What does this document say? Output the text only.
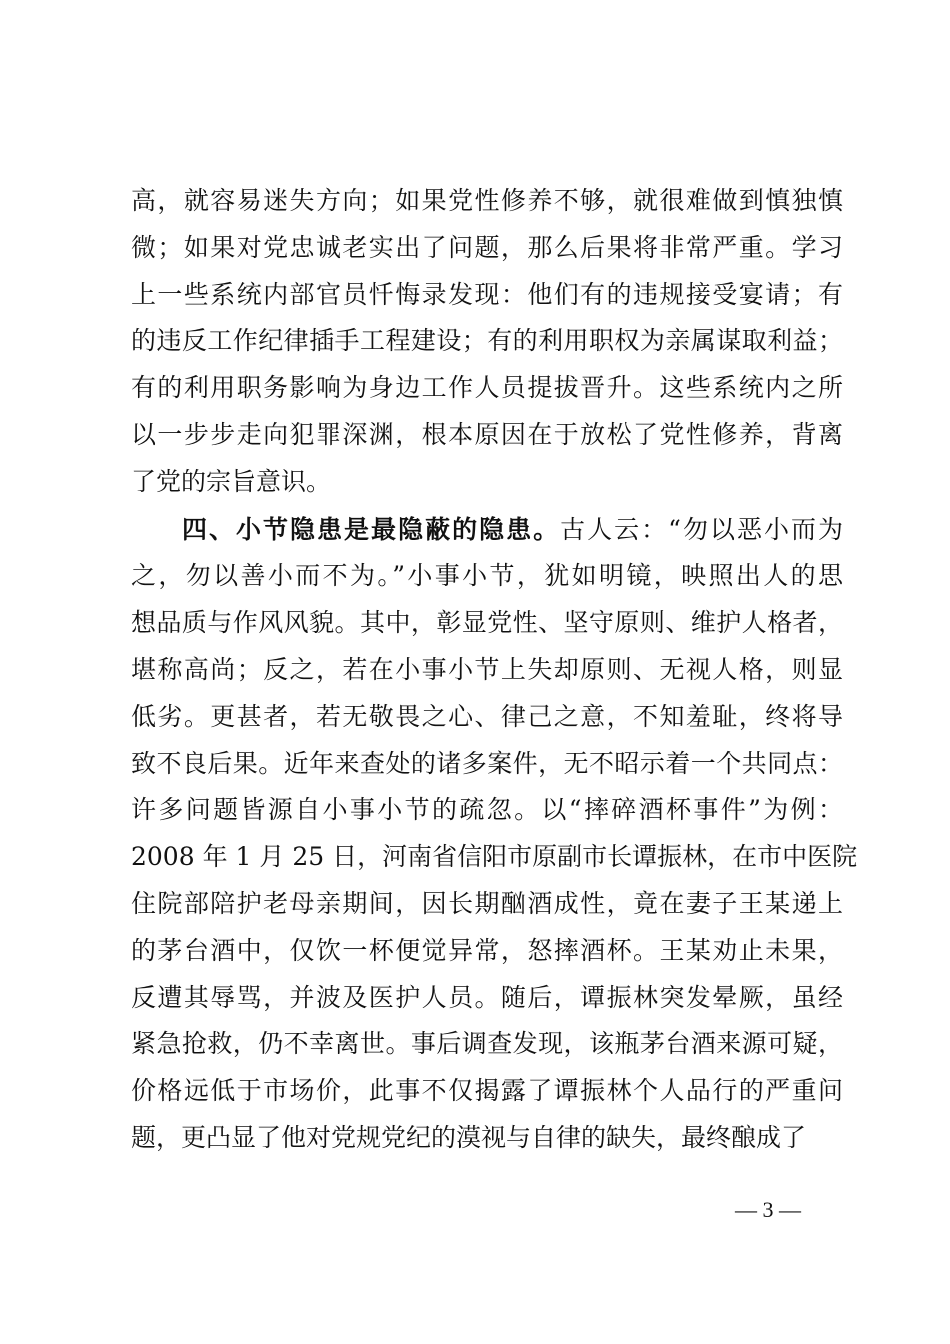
高，就容易迷失方向；如果党性修养不够，就很难做到慎独慎
微；如果对党忠诚老实出了问题，那么后果将非常严重。学习
上一些系统内部官员忏悔录发现：他们有的违规接受宴请；有
的违反工作纪律插手工程建设；有的利用职权为亲属谋取利益；
有的利用职务影响为身边工作人员提拔晋升。这些系统内之所
以一步步走向犯罪深渊，根本原因在于放松了党性修养，背离
了党的宗旨意识。
四、小节隐患是最隐蔽的隐患。古人云：“勿以恶小而为
之，勿以善小而不为。”小事小节，犹如明镜，映照出人的思
想品质与作风风貌。其中，彰显党性、坚守原则、维护人格者，
堪称高尚；反之，若在小事小节上失却原则、无视人格，则显
低劣。更甚者，若无敬畏之心、律己之意，不知羞耻，终将导
致不良后果。近年来查处的诸多案件，无不昭示着一个共同点：
许多问题皆源自小事小节的疏忽。以“摔碎酒杯事件”为例：
2008 年 1 月 25 日，河南省信阳市原副市长谭振林，在市中医院
住院部陪护老母亲期间，因长期酗酒成性，竟在妻子王某递上
的茅台酒中，仅饮一杯便觉异常，怒摔酒杯。王某劝止未果，
反遭其辱骂，并波及医护人员。随后，谭振林突发晕厥，虽经
紧急抢救，仍不幸离世。事后调查发现，该瓶茅台酒来源可疑，
价格远低于市场价，此事不仅揭露了谭振林个人品行的严重问
题，更凸显了他对党规党纪的漠视与自律的缺失，最终酿成了
— 3 —
